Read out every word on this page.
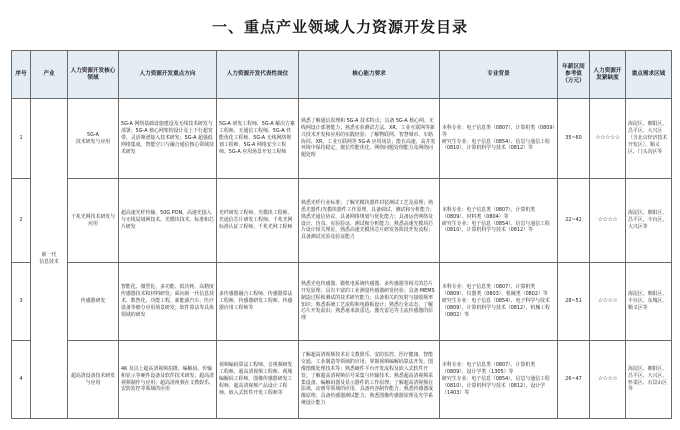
一、重点产业领域人力资源开发目录
序号	产业	人力资源开发核心领域	人力资源开发重点方向	人力资源开发代表性岗位	核心能力要求	专业背景	年薪区间参考值（万元）	人力资源开发紧缺度	重点需求区域
1	新一代
信息技术	5G-A
技术研发与应用	5G-A 网络基础设施建设及无线技术研发与部署；5G-A 核心网架构设计及上下行超宽带、灵活频谱接入技术研发；5G-A 超强低网络集成、智能空口与融合通信核心领域技术研发	5G-A 研发工程师、5G-A 解决方案工程师、无通信工程师、5G-A 性能优化工程师、5G-A 无线网络规划工程师、5G-A 网络安全工程师、5G-A 应用场景开发工程师	熟悉了解通信原理和 5G-A 技术特点；具备 5G-A 核心网、无线网设计部署能力；熟悉实验测试方法、XR、工业互联网等新兴技术开发和应用的实践经验；了解物联网、智慧城市、车路协同、XR、工业互联网等 5G-A 应用场景；能在高速、高并发环境中保持稳定，擅长性能优化、网络问题处理能力及网络问题处理	本科专业：电子信息类（0807）、计算机类（0809）等
研究生专业：电子信息（0854）、信息与通信工程（0810）、计算机科学与技术（0812）等	35~60	☆☆☆☆☆	海淀区、朝阳区、昌平区、大兴区（含北京经济技术开发区）、顺义区、门头沟区等
2		千兆光网技术研发与应用	超高速光纤传输、50G PON、高速光接入与无线局域网技术、光模块技术、标准和芯片研发	光纤研发工程师、光模块工程师、光通信芯片研发工程师、千兆光网标准认证工程师、千兆光网工程师	熟悉光纤行业标准；了解光模块器件封装测试工艺及原理；熟悉光器件/光模块器件工作原理，具备调试、测试和分析能力；熟悉光通信协议，具备网络规划与优化能力；具备运营网络及设计、仿真、实验验证、测试和分析能力；熟悉高速光模块芯片设计相关理论，熟悉高速光模块芯片研发各阶段开发流程；具备测试实验及验证能力	本科专业：电子信息类（0807）、计算机类（0809）、材料类（0804）等
研究生专业：电子信息（0854）、信息与通信工程（0810）、计算机科学与技术（0812）等	22~42	☆☆☆☆	海淀区、朝阳区、昌平区、丰台区、大兴区等
3		传感器研发	智能化、微型化、多功能、低功耗、高精度传感器技术和材料研发；面向新一代信息技术、数智化、功能工程、新能源汽车、医疗设备等细分应用场景研发；软件算法等具体领域的研发	多传感器融合工程师、传感器算法工程师、传感器研发工程师、传感器应用工程师等	熟悉光电传感器、微机电系统传感器、多传感器等相关的芯片开发原理；具有丰富的工业测量传感器研发经验；具备 MEMS 制造过程和测试的技术研究能力；具备相关的发射与接收频率知识；熟悉系统工艺流程和电路板设计；熟悉行业动态，了解芯片开发前沿；熟悉毫米波雷达、激光雷达等主流传感器的原理	本科专业：电子信息类（0807）、计算机类（0809）、仪器类（0803）、机械类（0802）等
研究生专业：电子信息（0854）、电子科学与技术（0809）、计算机科学与技术（0812）、机械工程（0802）等	28~51	☆☆☆☆	海淀区、朝阳区、丰台区、东城区、顺义区等
4		超高清设备技术研发与应用	4K 及以上超高清视频拍摄、编解码、传输和显示等硬件设备及软件技术研发；超高清视频制作与应用；超高清视频在文教娱乐、安防监控等领域的应用	视频编码算法工程师、音视频研发工程师、超高清视频工程师、视频编解码工程师、图像传感器研发工程师、超高清视频产品设计工程师、嵌入式软件开发工程师等	了解超高清视频技术在文教娱乐、安防监控、医疗健康、智能交通、工业制造等领域的应用；掌握视频编解码算法开发、图像图像处理技术等；熟悉硬件平台开发流程及嵌入式软件开发；了解超高清视频信号采集与传输技术；熟悉超高清视频采集设备、编解码器及显示器件的工作原理；了解超高清视频在影视、动画等领域的应用，具备内容制作能力；熟悉传感器成像原理，具备传感器测试能力；熟悉图像传感器原理及光学系统设计能力	本科专业：电子信息类（0807）、计算机类（0809）、设计学类（1305）等
研究生专业：电子信息（0854）、信息与通信工程（0810）、计算机科学与技术（0812）、设计学（1403）等	26~47	☆☆☆☆	海淀区、朝阳区、昌平区、大兴区、怀柔区、石景山区等
